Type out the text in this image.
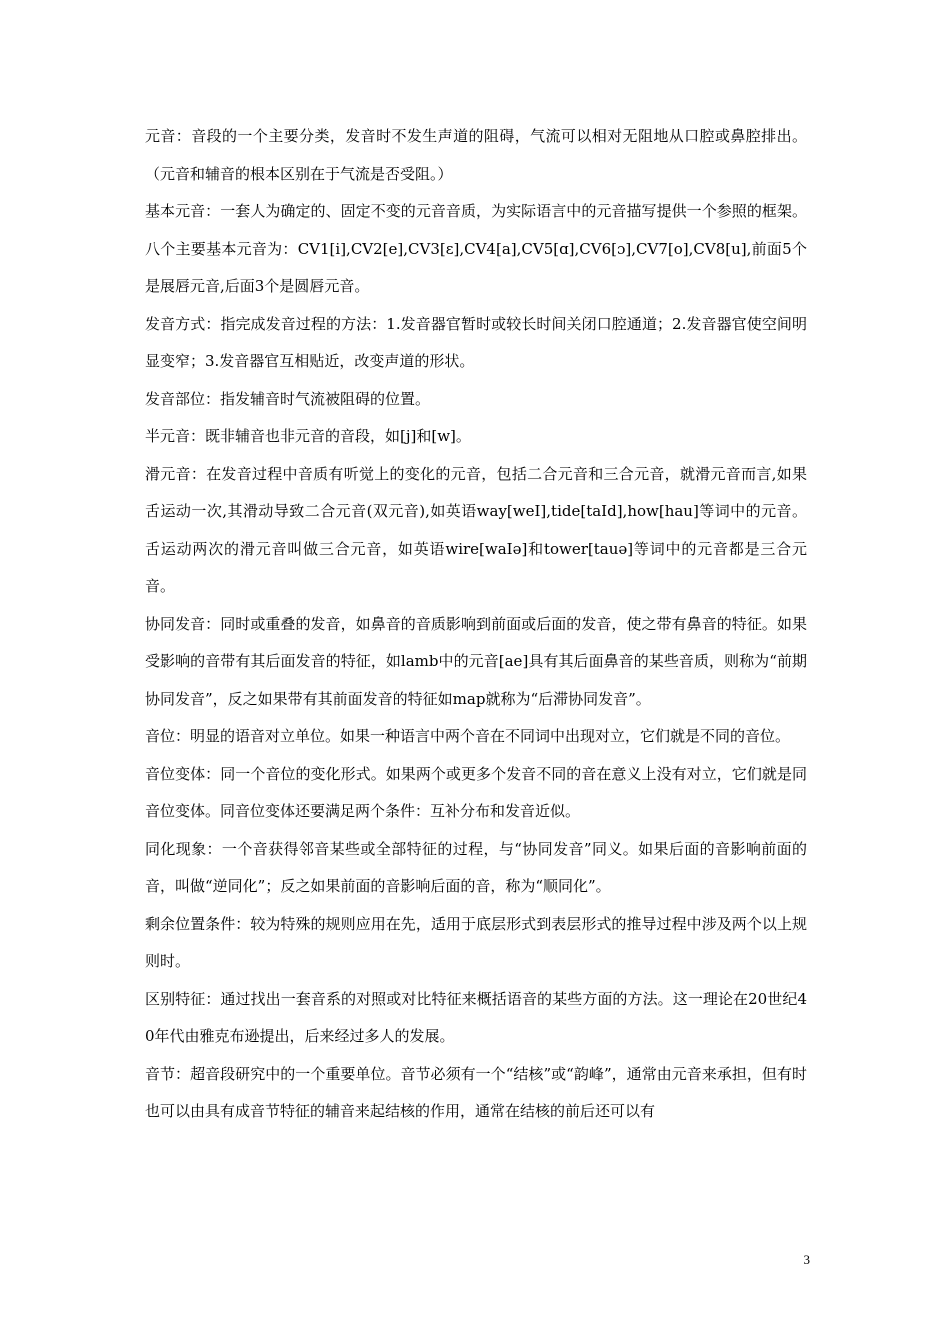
元音：音段的一个主要分类，发音时不发生声道的阻碍，气流可以相对无阻地从口腔或鼻腔排出。（元音和辅音的根本区别在于气流是否受阻。）

基本元音：一套人为确定的、固定不变的元音音质，为实际语言中的元音描写提供一个参照的框架。八个主要基本元音为：CV1[i],CV2[e],CV3[ɛ],CV4[a],CV5[ɑ],CV6[ɔ],CV7[o],CV8[u],前面5个是展唇元音,后面3个是圆唇元音。

发音方式：指完成发音过程的方法：1.发音器官暂时或较长时间关闭口腔通道；2.发音器官使空间明显变窄；3.发音器官互相贴近，改变声道的形状。

发音部位：指发辅音时气流被阻碍的位置。

半元音：既非辅音也非元音的音段，如[j]和[w]。

滑元音：在发音过程中音质有听觉上的变化的元音，包括二合元音和三合元音，就滑元音而言,如果舌运动一次,其滑动导致二合元音(双元音),如英语way[weI],tide[taId],how[hau]等词中的元音。舌运动两次的滑元音叫做三合元音，如英语wire[waIə]和tower[tauə]等词中的元音都是三合元音。

协同发音：同时或重叠的发音，如鼻音的音质影响到前面或后面的发音，使之带有鼻音的特征。如果受影响的音带有其后面发音的特征，如lamb中的元音[ae]具有其后面鼻音的某些音质，则称为“前期协同发音”，反之如果带有其前面发音的特征如map就称为“后滞协同发音”。

音位：明显的语音对立单位。如果一种语言中两个音在不同词中出现对立，它们就是不同的音位。

音位变体：同一个音位的变化形式。如果两个或更多个发音不同的音在意义上没有对立，它们就是同音位变体。同音位变体还要满足两个条件：互补分布和发音近似。

同化现象：一个音获得邻音某些或全部特征的过程，与“协同发音”同义。如果后面的音影响前面的音，叫做“逆同化”；反之如果前面的音影响后面的音，称为“顺同化”。

剩余位置条件：较为特殊的规则应用在先，适用于底层形式到表层形式的推导过程中涉及两个以上规则时。

区别特征：通过找出一套音系的对照或对比特征来概括语音的某些方面的方法。这一理论在20世纪40年代由雅克布逊提出，后来经过多人的发展。

音节：超音段研究中的一个重要单位。音节必须有一个“结核”或“韵峰”，通常由元音来承担，但有时也可以由具有成音节特征的辅音来起结核的作用，通常在结核的前后还可以有

3
